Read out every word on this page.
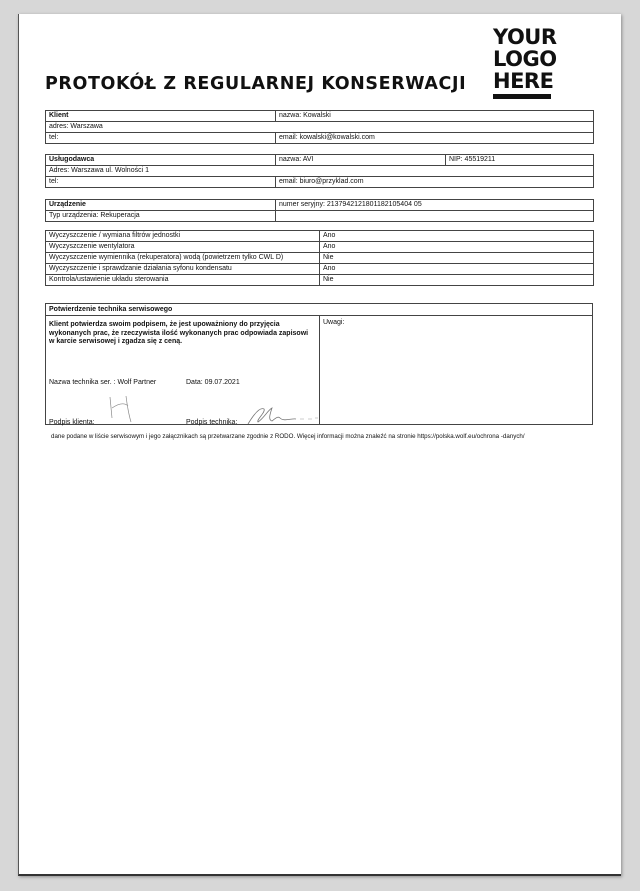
YOUR
LOGO
HERE
PROTOKÓŁ Z REGULARNEJ KONSERWACJI
Klient	nazwa: Kowalski
adres: Warszawa	
tel:	email: kowalski@kowalski.com
Usługodawca	nazwa: AVI	NIP: 45519211
Adres: Warszawa ul. Wolności 1		
tel:	email: biuro@przyklad.com	
Urządzenie	numer seryjny: 2137942121801182105404 05
Typ urządzenia: Rekuperacja	
Wyczyszczenie / wymiana filtrów jednostki	Ano
Wyczyszczenie wentylatora	Ano
Wyczyszczenie wymiennika (rekuperatora) wodą (powietrzem tylko CWL D)	Nie
Wyczyszczenie i sprawdzanie działania syfonu kondensatu	Ano
Kontrola/ustawienie układu sterowania	Nie
Potwierdzenie technika serwisowego
Klient potwierdza swoim podpisem, że jest upoważniony do przyjęcia wykonanych prac, że rzeczywista ilość wykonanych prac odpowiada zapisowi w karcie serwisowej i zgadza się z ceną.
Nazwa technika ser. : Wolf Partner	Data: 09.07.2021
Podpis klienta:	Podpis technika:
Uwagi:
dane podane w liście serwisowym i jego załącznikach są przetwarzane zgodnie z RODO. Więcej informacji można znaleźć na stronie https://polska.wolf.eu/ochrona -danych/
